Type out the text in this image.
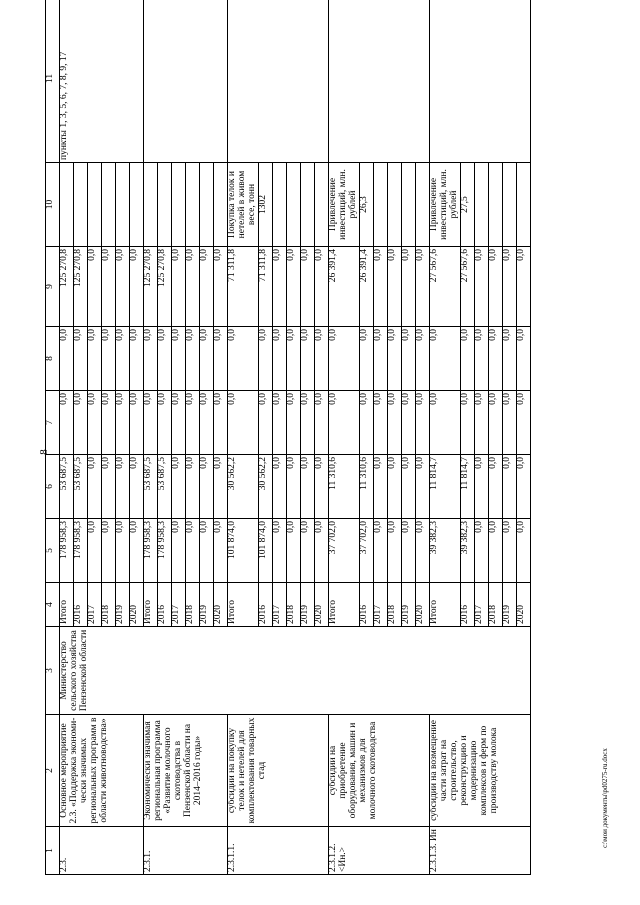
8
c:\мои документы\pd0275-ru.docx
1	2	3	4	5	6	7	8	9	10	11
2.3.	Основное мероприятие 2.3. «Поддержка экономи-чески значимых региональных программ в области животноводства»	Министерство сельского хозяйства Пензенской области	Итого	178 958,3	53 687,5	0,0	0,0	125 270,8		пункты 1, 3, 5, 6, 7, 8, 9, 17
			2016	178 958,3	53 687,5	0,0	0,0	125 270,8		
			2017	0,0	0,0	0,0	0,0	0,0		
			2018	0,0	0,0	0,0	0,0	0,0		
			2019	0,0	0,0	0,0	0,0	0,0		
			2020	0,0	0,0	0,0	0,0	0,0		
2.3.1.	Экономически значимая региональная программа «Развитие молочного скотоводства в Пензенской области на 2014–2016 годы»		Итого	178 958,3	53 687,5	0,0	0,0	125 270,8		
			2016	178 958,3	53 687,5	0,0	0,0	125 270,8		
			2017	0,0	0,0	0,0	0,0	0,0		
			2018	0,0	0,0	0,0	0,0	0,0		
			2019	0,0	0,0	0,0	0,0	0,0		
			2020	0,0	0,0	0,0	0,0	0,0		
2.3.1.1.	субсидии на покупку телок и нетелей для комплектования товарных стад		Итого	101 874,0	30 562,2	0,0	0,0	71 311,8	Покупка телок и нетелей в живом весе, тонн	
			2016	101 874,0	30 562,2	0,0	0,0	71 311,8	1302	
			2017	0,0	0,0	0,0	0,0	0,0		
			2018	0,0	0,0	0,0	0,0	0,0		
			2019	0,0	0,0	0,0	0,0	0,0		
			2020	0,0	0,0	0,0	0,0	0,0		
2.3.1.2. <Ин.>	субсидии на приобретение оборудования, машин и механизмов для молочного скотоводства		Итого	37 702,0	11 310,6	0,0	0,0	26 391,4	Привлечение инвестиций, млн. рублей	
			2016	37 702,0	11 310,6	0,0	0,0	26 391,4	26,3	
			2017	0,0	0,0	0,0	0,0	0,0		
			2018	0,0	0,0	0,0	0,0	0,0		
			2019	0,0	0,0	0,0	0,0	0,0		
			2020	0,0	0,0	0,0	0,0	0,0		
2.3.1.3. Ин	субсидии на возмещение части затрат на строительство, реконструкцию и модернизацию комплексов и ферм по производству молока		Итого	39 382,3	11 814,7	0,0	0,0	27 567,6	Привлечение инвестиций, млн. рублей	
			2016	39 382,3	11 814,7	0,0	0,0	27 567,6	27,5	
			2017	0,0	0,0	0,0	0,0	0,0		
			2018	0,0	0,0	0,0	0,0	0,0		
			2019	0,0	0,0	0,0	0,0	0,0		
			2020	0,0	0,0	0,0	0,0	0,0		
